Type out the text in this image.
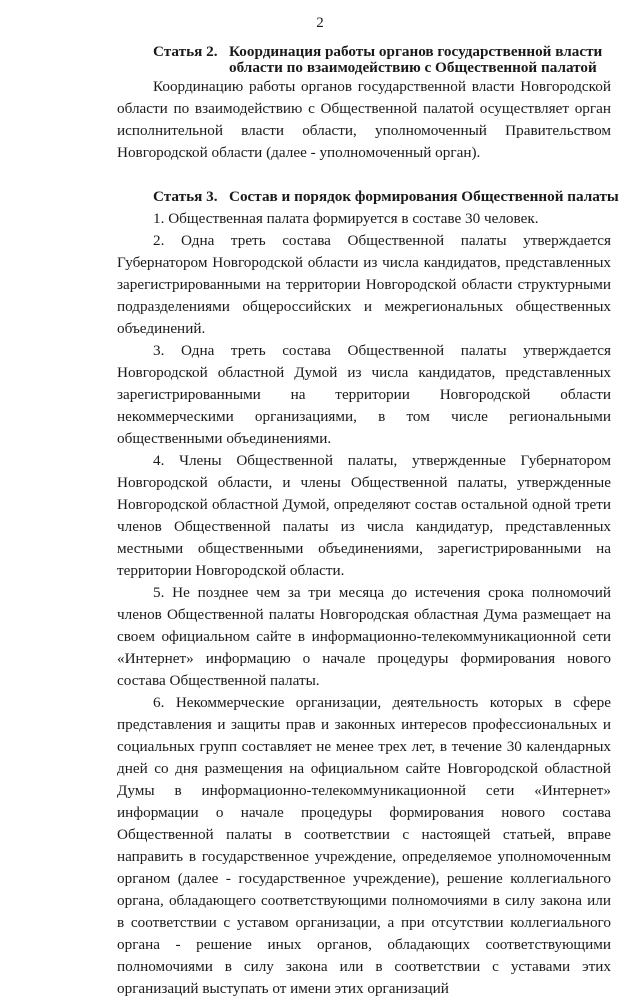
2
Статья 2. Координация работы органов государственной власти области по взаимодействию с Общественной палатой

Координацию работы органов государственной власти Новгородской области по взаимодействию с Общественной палатой осуществляет орган исполнительной власти области, уполномоченный Правительством Новгородской области (далее - уполномоченный орган).

Статья 3. Состав и порядок формирования Общественной палаты

1. Общественная палата формируется в составе 30 человек.

2. Одна треть состава Общественной палаты утверждается Губернатором Новгородской области из числа кандидатов, представленных зарегистрированными на территории Новгородской области структурными подразделениями общероссийских и межрегиональных общественных объединений.

3. Одна треть состава Общественной палаты утверждается Новгородской областной Думой из числа кандидатов, представленных зарегистрированными на территории Новгородской области некоммерческими организациями, в том числе региональными общественными объединениями.

4. Члены Общественной палаты, утвержденные Губернатором Новгородской области, и члены Общественной палаты, утвержденные Новгородской областной Думой, определяют состав остальной одной трети членов Общественной палаты из числа кандидатур, представленных местными общественными объединениями, зарегистрированными на территории Новгородской области.

5. Не позднее чем за три месяца до истечения срока полномочий членов Общественной палаты Новгородская областная Дума размещает на своем официальном сайте в информационно-телекоммуникационной сети «Интернет» информацию о начале процедуры формирования нового состава Общественной палаты.

6. Некоммерческие организации, деятельность которых в сфере представления и защиты прав и законных интересов профессиональных и социальных групп составляет не менее трех лет, в течение 30 календарных дней со дня размещения на официальном сайте Новгородской областной Думы в информационно-телекоммуникационной сети «Интернет» информации о начале процедуры формирования нового состава Общественной палаты в соответствии с настоящей статьей, вправе направить в государственное учреждение, определяемое уполномоченным органом (далее - государственное учреждение), решение коллегиального органа, обладающего соответствующими полномочиями в силу закона или в соответствии с уставом организации, а при отсутствии коллегиального органа - решение иных органов, обладающих соответствующими полномочиями в силу закона или в соответствии с уставами этих организаций выступать от имени этих организаций
